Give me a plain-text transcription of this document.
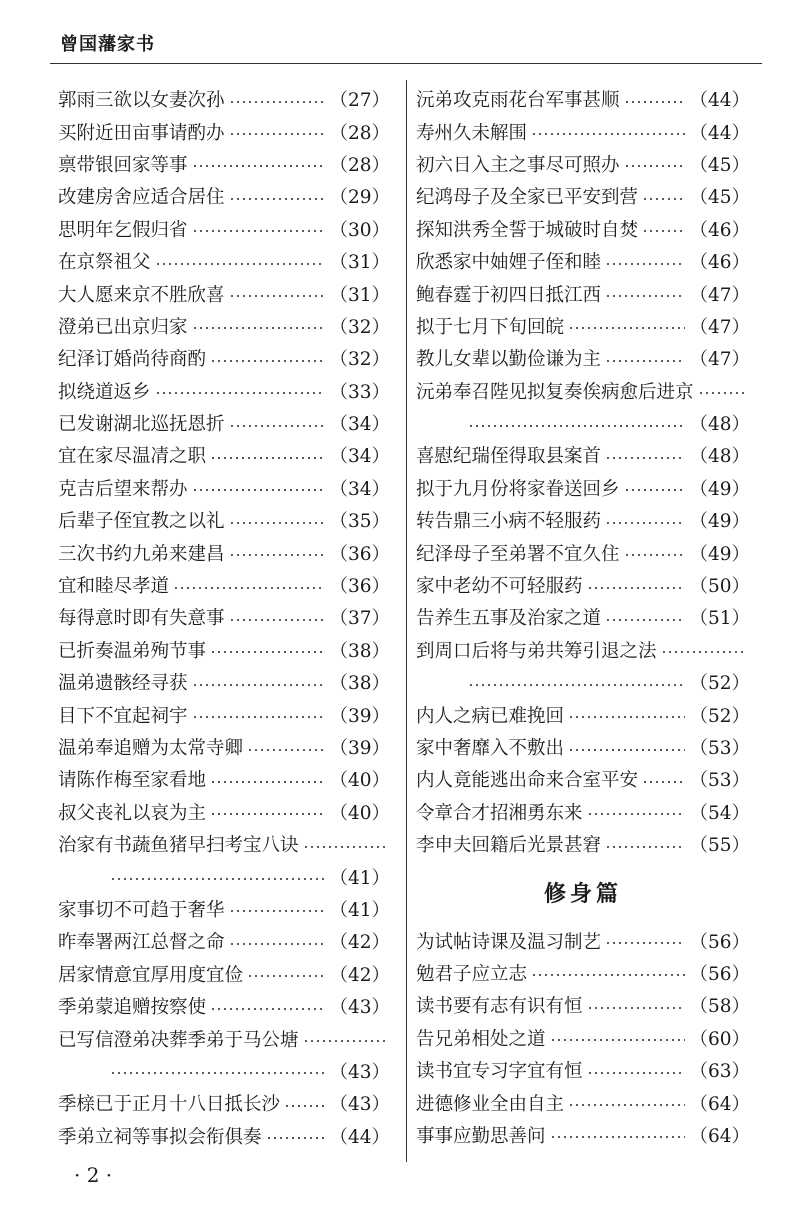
曾国藩家书
郭雨三欲以女妻次孙	（27）
买附近田亩事请酌办	（28）
禀带银回家等事	（28）
改建房舍应适合居住	（29）
思明年乞假归省	（30）
在京祭祖父	（31）
大人愿来京不胜欣喜	（31）
澄弟已出京归家	（32）
纪泽订婚尚待商酌	（32）
拟绕道返乡	（33）
已发谢湖北巡抚恩折	（34）
宜在家尽温凊之职	（34）
克吉后望来帮办	（34）
后辈子侄宜教之以礼	（35）
三次书约九弟来建昌	（36）
宜和睦尽孝道	（36）
每得意时即有失意事	（37）
已折奏温弟殉节事	（38）
温弟遗骸经寻获	（38）
目下不宜起祠宇	（39）
温弟奉追赠为太常寺卿	（39）
请陈作梅至家看地	（40）
叔父丧礼以哀为主	（40）
治家有书蔬鱼猪早扫考宝八诀
（41）
家事切不可趋于奢华	（41）
昨奉署两江总督之命	（42）
居家情意宜厚用度宜俭	（42）
季弟蒙追赠按察使	（43）
已写信澄弟决葬季弟于马公塘
（43）
季榇已于正月十八日抵长沙	（43）
季弟立祠等事拟会衔俱奏	（44）
沅弟攻克雨花台军事甚顺	（44）
寿州久未解围	（44）
初六日入主之事尽可照办	（45）
纪鸿母子及全家已平安到营	（45）
探知洪秀全誓于城破时自焚	（46）
欣悉家中妯娌子侄和睦	（46）
鲍春霆于初四日抵江西	（47）
拟于七月下旬回皖	（47）
教儿女辈以勤俭谦为主	（47）
沅弟奉召陛见拟复奏俟病愈后进京
（48）
喜慰纪瑞侄得取县案首	（48）
拟于九月份将家眷送回乡	（49）
转告鼎三小病不轻服药	（49）
纪泽母子至弟署不宜久住	（49）
家中老幼不可轻服药	（50）
告养生五事及治家之道	（51）
到周口后将与弟共筹引退之法
（52）
内人之病已难挽回	（52）
家中奢靡入不敷出	（53）
内人竟能逃出命来合室平安	（53）
令章合才招湘勇东来	（54）
李申夫回籍后光景甚窘	（55）
修身篇
为试帖诗课及温习制艺	（56）
勉君子应立志	（56）
读书要有志有识有恒	（58）
告兄弟相处之道	（60）
读书宜专习字宜有恒	（63）
进德修业全由自主	（64）
事事应勤思善问	（64）
· 2 ·
